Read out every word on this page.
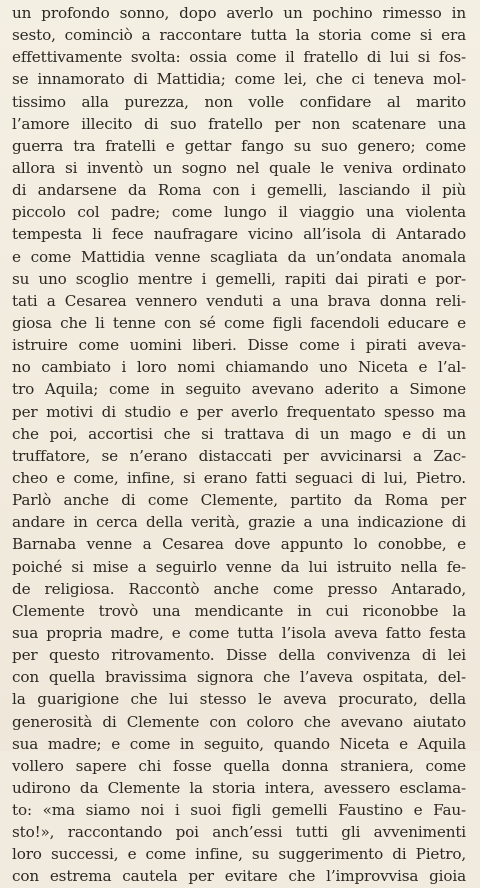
un profondo sonno, dopo averlo un pochino rimesso in
sesto, cominciò a raccontare tutta la storia come si era
effettivamente svolta: ossia come il fratello di lui si fos-
se innamorato di Mattidia; come lei, che ci teneva mol-
tissimo alla purezza, non volle confidare al marito
l’amore illecito di suo fratello per non scatenare una
guerra tra fratelli e gettar fango su suo genero; come
allora si inventò un sogno nel quale le veniva ordinato
di andarsene da Roma con i gemelli, lasciando il più
piccolo col padre; come lungo il viaggio una violenta
tempesta li fece naufragare vicino all’isola di Antarado
e come Mattidia venne scagliata da un’ondata anomala
su uno scoglio mentre i gemelli, rapiti dai pirati e por-
tati a Cesarea vennero venduti a una brava donna reli-
giosa che li tenne con sé come figli facendoli educare e
istruire come uomini liberi. Disse come i pirati aveva-
no cambiato i loro nomi chiamando uno Niceta e l’al-
tro Aquila; come in seguito avevano aderito a Simone
per motivi di studio e per averlo frequentato spesso ma
che poi, accortisi che si trattava di un mago e di un
truffatore, se n’erano distaccati per avvicinarsi a Zac-
cheo e come, infine, si erano fatti seguaci di lui, Pietro.
Parlò anche di come Clemente, partito da Roma per
andare in cerca della verità, grazie a una indicazione di
Barnaba venne a Cesarea dove appunto lo conobbe, e
poiché si mise a seguirlo venne da lui istruito nella fe-
de religiosa. Raccontò anche come presso Antarado,
Clemente trovò una mendicante in cui riconobbe la
sua propria madre, e come tutta l’isola aveva fatto festa
per questo ritrovamento. Disse della convivenza di lei
con quella bravissima signora che l’aveva ospitata, del-
la guarigione che lui stesso le aveva procurato, della
generosità di Clemente con coloro che avevano aiutato
sua madre; e come in seguito, quando Niceta e Aquila
vollero sapere chi fosse quella donna straniera, come
udirono da Clemente la storia intera, avessero esclama-
to: «ma siamo noi i suoi figli gemelli Faustino e Fau-
sto!», raccontando poi anch’essi tutti gli avvenimenti
loro successi, e come infine, su suggerimento di Pietro,
con estrema cautela per evitare che l’improvvisa gioia
